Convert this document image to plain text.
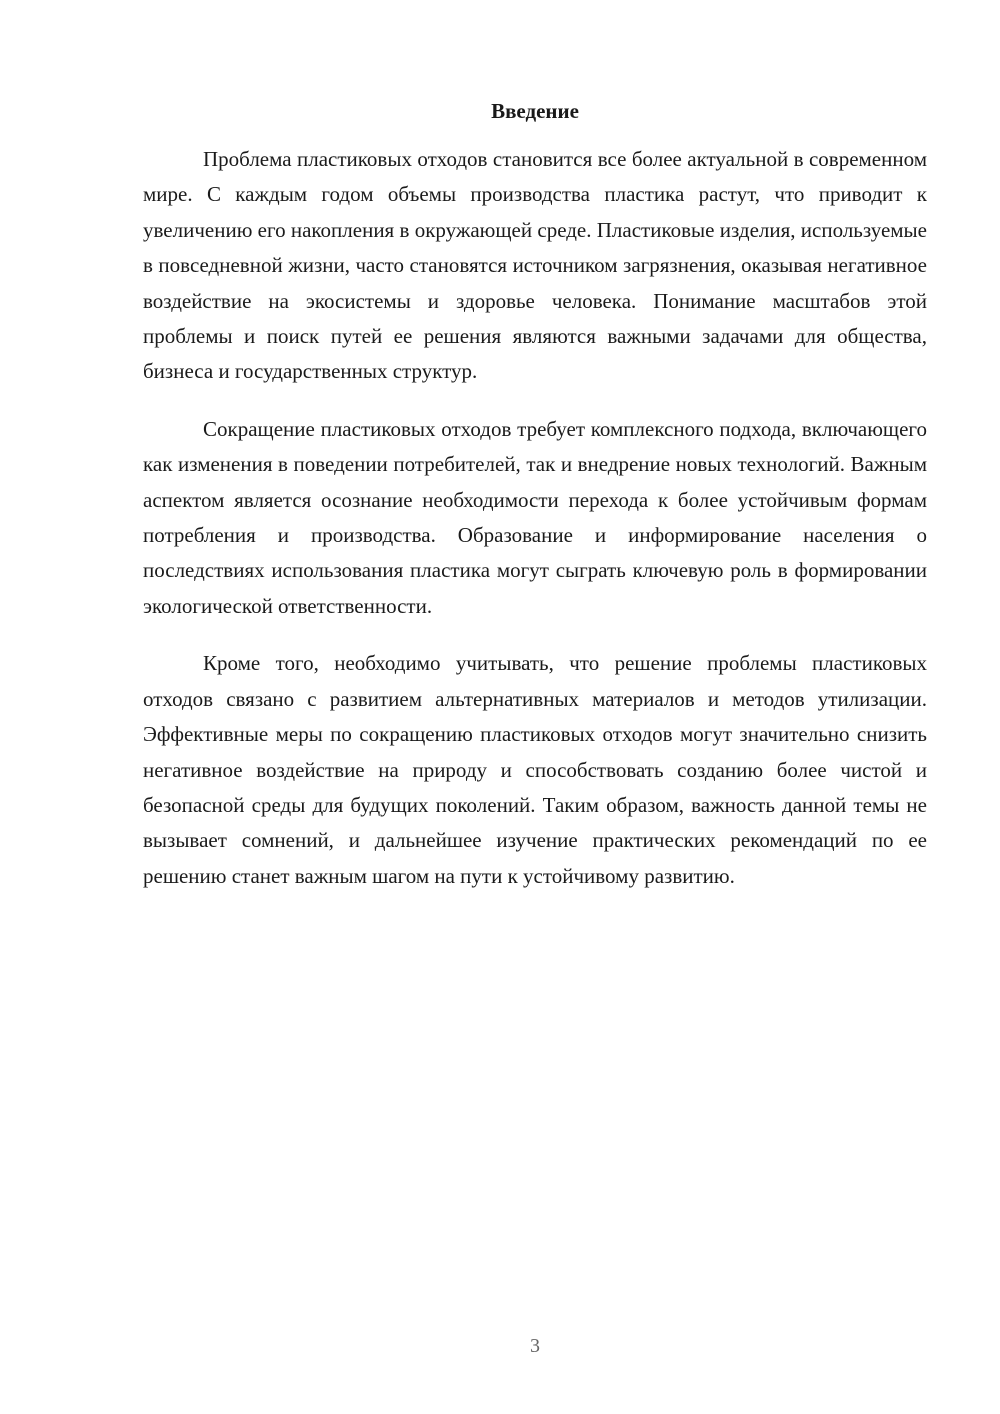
Введение

Проблема пластиковых отходов становится все более актуальной в современном мире. С каждым годом объемы производства пластика растут, что приводит к увеличению его накопления в окружающей среде. Пластиковые изделия, используемые в повседневной жизни, часто становятся источником загрязнения, оказывая негативное воздействие на экосистемы и здоровье человека. Понимание масштабов этой проблемы и поиск путей ее решения являются важными задачами для общества, бизнеса и государственных структур.

Сокращение пластиковых отходов требует комплексного подхода, включающего как изменения в поведении потребителей, так и внедрение новых технологий. Важным аспектом является осознание необходимости перехода к более устойчивым формам потребления и производства. Образование и информирование населения о последствиях использования пластика могут сыграть ключевую роль в формировании экологической ответственности.

Кроме того, необходимо учитывать, что решение проблемы пластиковых отходов связано с развитием альтернативных материалов и методов утилизации. Эффективные меры по сокращению пластиковых отходов могут значительно снизить негативное воздействие на природу и способствовать созданию более чистой и безопасной среды для будущих поколений. Таким образом, важность данной темы не вызывает сомнений, и дальнейшее изучение практических рекомендаций по ее решению станет важным шагом на пути к устойчивому развитию.

3
